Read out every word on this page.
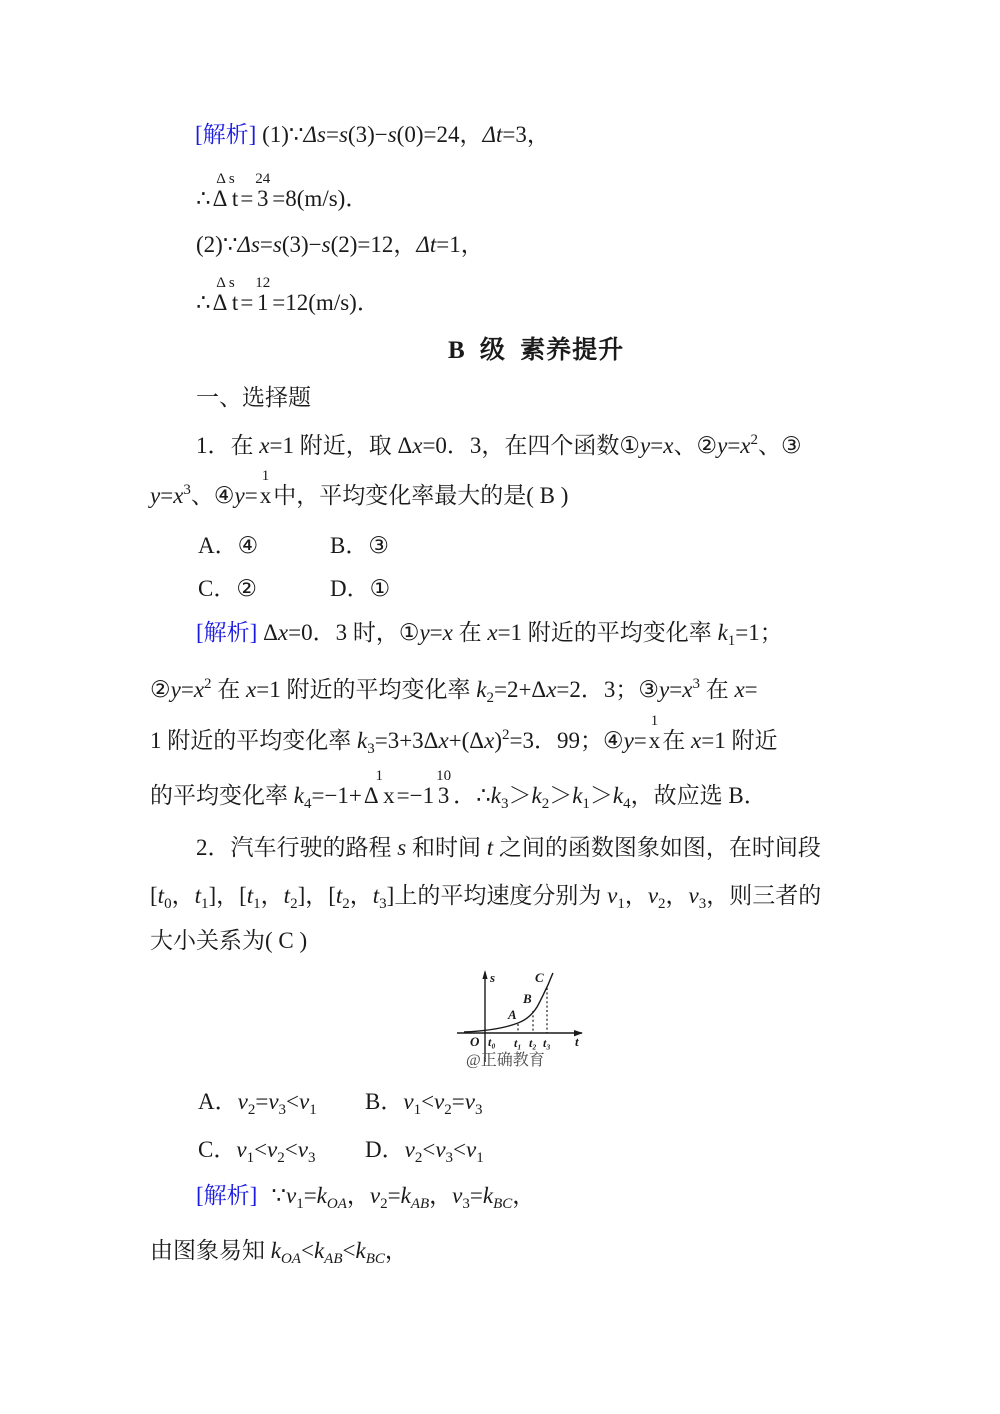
[解析] (1)∵Δs=s(3)−s(0)=24，Δt=3，
∴
Δ s
Δ t =
24
3 =8(m/s)．
(2)∵Δs=s(3)−s(2)=12，Δt=1，
∴
Δ s
Δ t =
12
1 =12(m/s)．
B 级 素养提升
一、选择题
1．在 x=1 附近，取 Δx=0．3，在四个函数①y=x、$②y=x^2$、③
$y=x^3$、④y=
1
x 中，平均变化率最大的是( B )
A．④	B．③
C．②	D．①
[解析] Δx=0．3 时，①y=x 在 x=1 附近的平均变化率 $k_1=1$；
$②y=x^2$ 在 x=1 附近的平均变化率 $k_2=2+\Delta x=2$．3；$③y=x^3$ 在 x=
1 附近的平均变化率 $k_3=3+3\Delta x+(\Delta x)^2=3$．99；④y=
1
x 在 x=1 附近
的平均变化率 $k_4=-1+$
1
Δ x =−1
10
3 ．$\therefore k_3>k_2>k_1>k_4$，故应选 B．
2．汽车行驶的路程 s 和时间 t 之间的函数图象如图，在时间段
[$t_0$，$t_1$]，[$t_1$，$t_2$]，[$t_2$，$t_3$]上的平均速度分别为 $v_1$，$v_2$，$v_3$，则三者的
大小关系为( C )
s
t
O t₀ t₁ t₂ t₃
A
B
C
@正确教育
A．$v_2=v_3<v_1$ B．$v_1<v_2=v_3$
C．$v_1<v_2<v_3$ D．$v_2<v_3<v_1$
[解析] $\because v_1=k_{OA}$，$v_2=k_{AB}$，$v_3=k_{BC}$，
由图象易知 $k_{OA}<k_{AB}<k_{BC}$，
